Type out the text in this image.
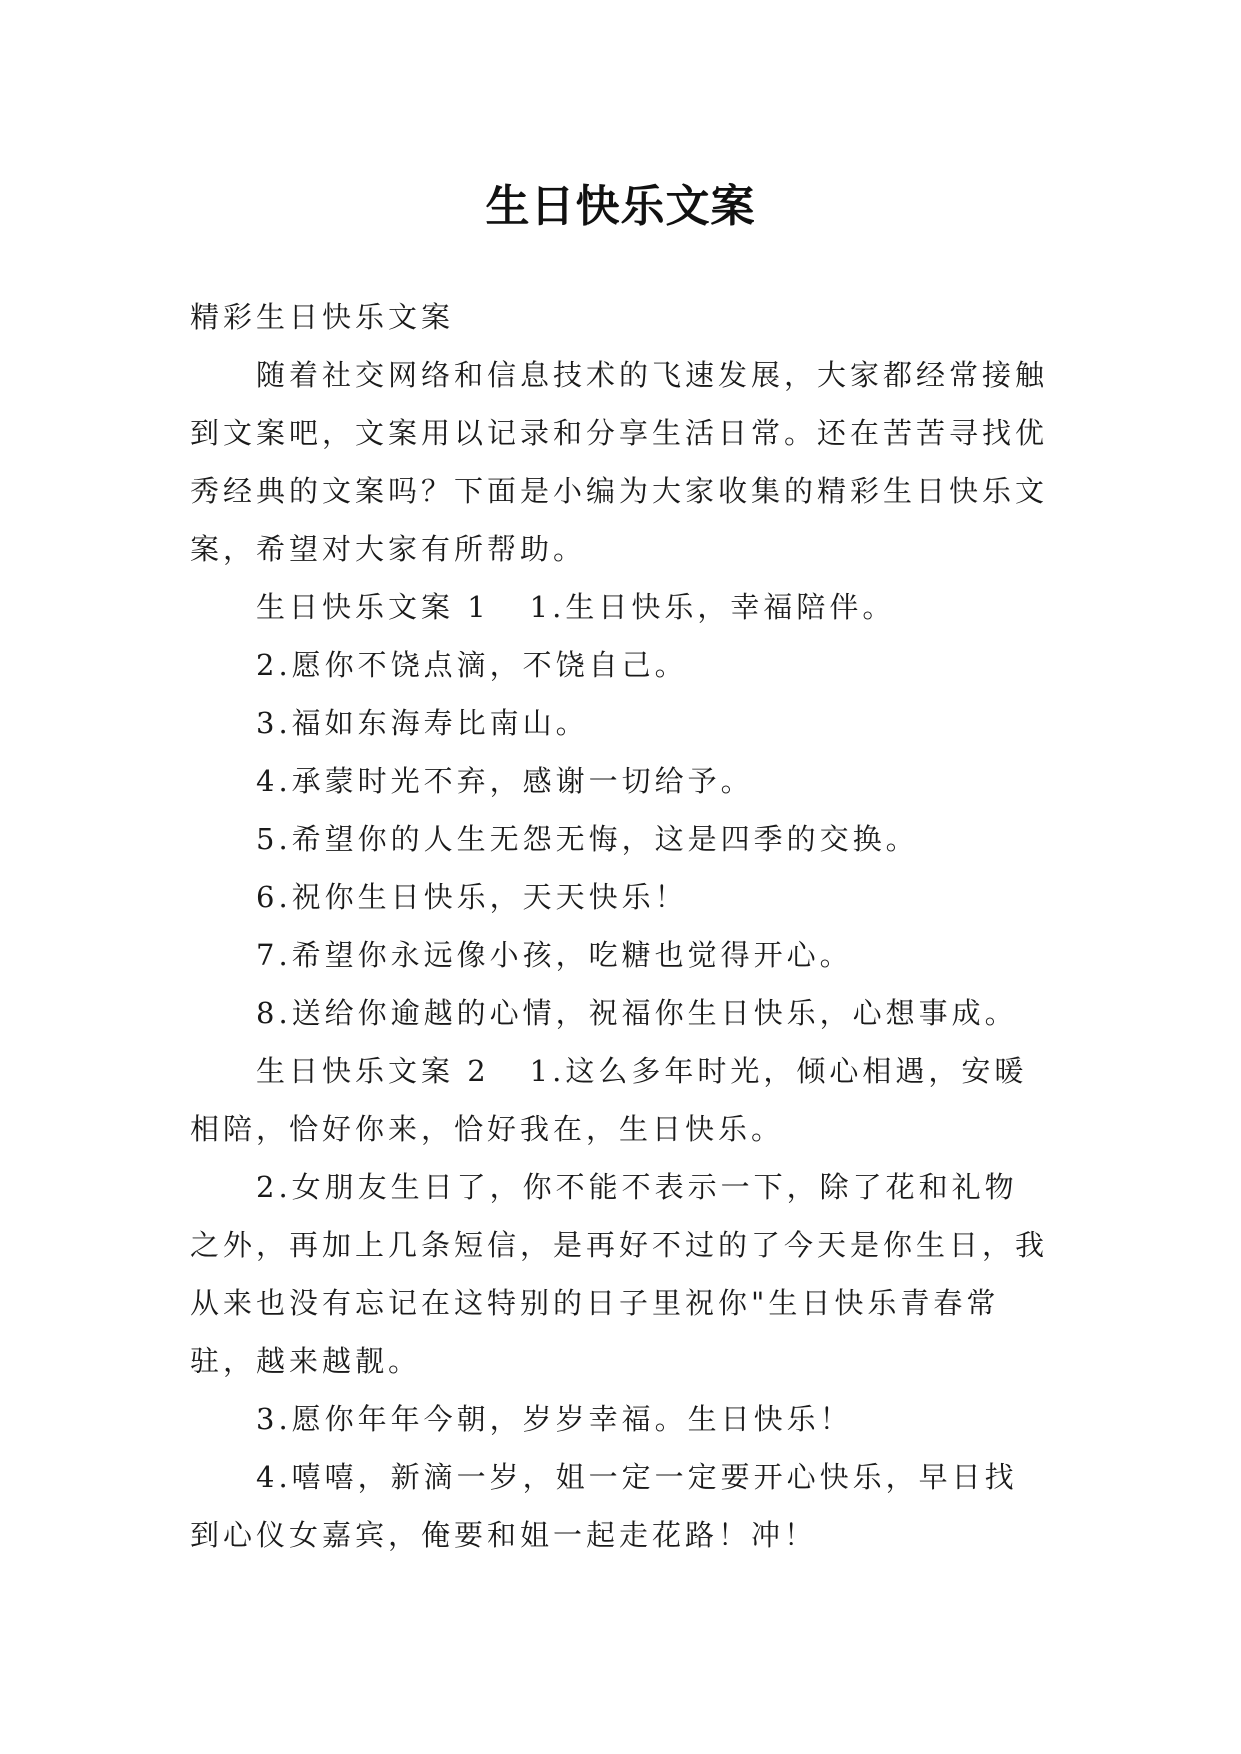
生日快乐文案

精彩生日快乐文案

随着社交网络和信息技术的飞速发展，大家都经常接触到文案吧，文案用以记录和分享生活日常。还在苦苦寻找优秀经典的文案吗？下面是小编为大家收集的精彩生日快乐文案，希望对大家有所帮助。

生日快乐文案 1 1.生日快乐，幸福陪伴。

2.愿你不饶点滴，不饶自己。

3.福如东海寿比南山。

4.承蒙时光不弃，感谢一切给予。

5.希望你的人生无怨无悔，这是四季的交换。

6.祝你生日快乐，天天快乐！

7.希望你永远像小孩，吃糖也觉得开心。

8.送给你逾越的心情，祝福你生日快乐，心想事成。

生日快乐文案 2 1.这么多年时光，倾心相遇，安暖相陪，恰好你来，恰好我在，生日快乐。

2.女朋友生日了，你不能不表示一下，除了花和礼物之外，再加上几条短信，是再好不过的了今天是你生日，我从来也没有忘记在这特别的日子里祝你"生日快乐青春常驻，越来越靓。

3.愿你年年今朝，岁岁幸福。生日快乐！

4.嘻嘻，新滴一岁，姐一定一定要开心快乐，早日找到心仪女嘉宾，俺要和姐一起走花路！冲！
